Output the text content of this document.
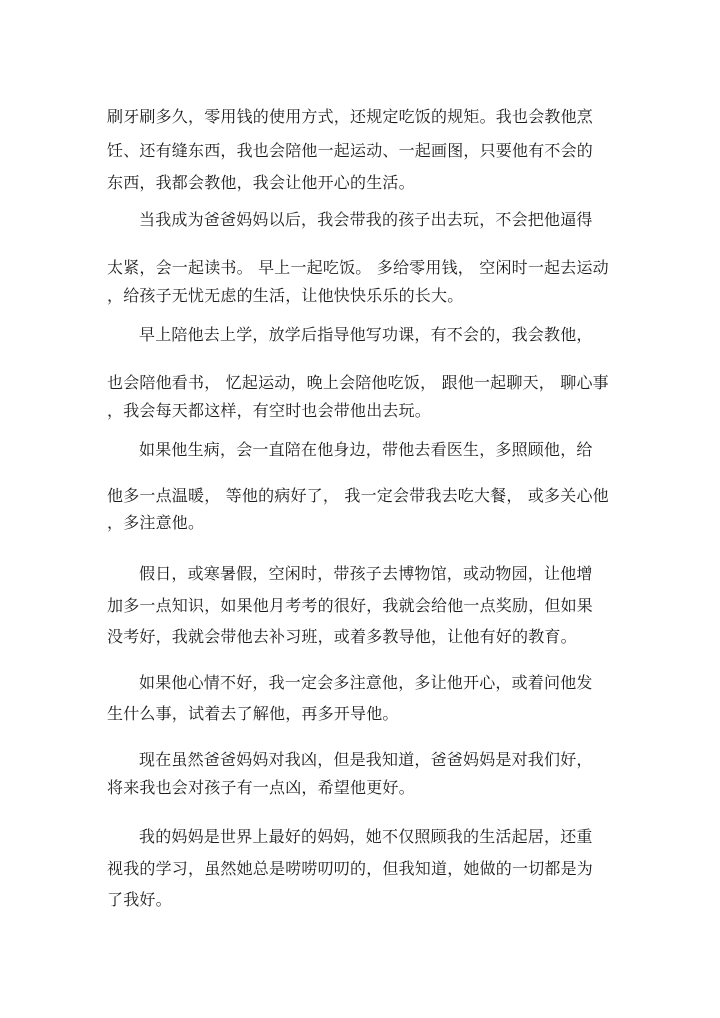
刷牙刷多久，零用钱的使用方式，还规定吃饭的规矩。我也会教他烹
饪、还有缝东西，我也会陪他一起运动、一起画图，只要他有不会的
东西，我都会教他，我会让他开心的生活。
当我成为爸爸妈妈以后，我会带我的孩子出去玩，不会把他逼得
太紧，会一起读书。 早上一起吃饭。 多给零用钱， 空闲时一起去运动
，给孩子无忧无虑的生活，让他快快乐乐的长大。
早上陪他去上学，放学后指导他写功课，有不会的，我会教他，
也会陪他看书， 忆起运动，晚上会陪他吃饭， 跟他一起聊天， 聊心事
，我会每天都这样，有空时也会带他出去玩。
如果他生病，会一直陪在他身边，带他去看医生，多照顾他，给
他多一点温暖， 等他的病好了， 我一定会带我去吃大餐， 或多关心他
，多注意他。
假日，或寒暑假，空闲时，带孩子去博物馆，或动物园，让他增
加多一点知识，如果他月考考的很好，我就会给他一点奖励，但如果
没考好，我就会带他去补习班，或着多教导他，让他有好的教育。
如果他心情不好，我一定会多注意他，多让他开心，或着问他发
生什么事，试着去了解他，再多开导他。
现在虽然爸爸妈妈对我凶，但是我知道，爸爸妈妈是对我们好，
将来我也会对孩子有一点凶，希望他更好。
我的妈妈是世界上最好的妈妈，她不仅照顾我的生活起居，还重
视我的学习，虽然她总是唠唠叨叨的，但我知道，她做的一切都是为
了我好。
